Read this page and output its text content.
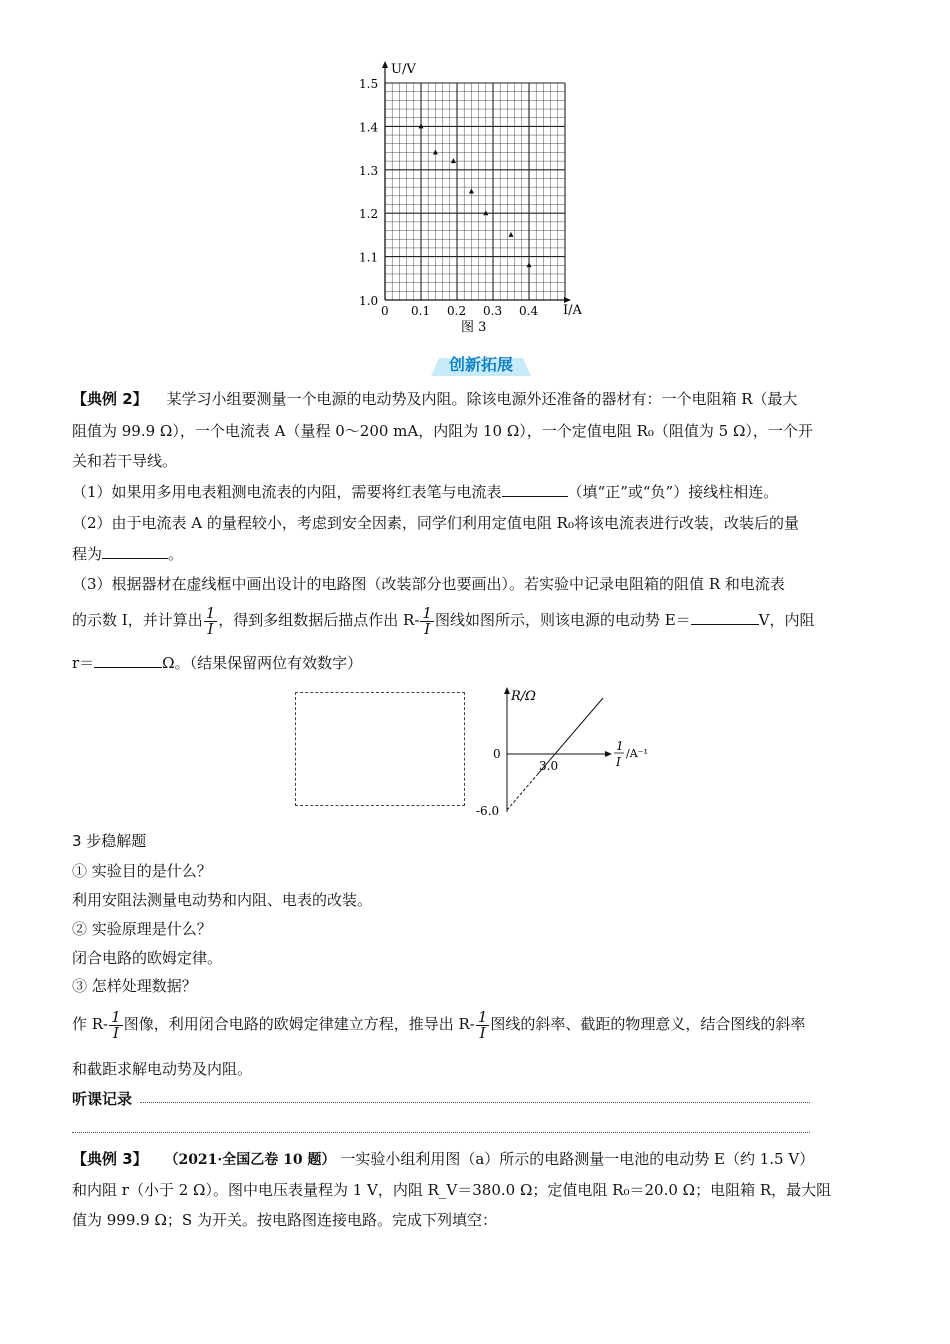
U/V
I/A
1.5
1.4
1.3
1.2
1.1
1.0
0 0.1 0.2 0.3 0.4
图 3
创新拓展
【典例 2】 某学习小组要测量一个电源的电动势及内阻。除该电源外还准备的器材有：一个电阻箱 R（最大
阻值为 99.9 Ω），一个电流表 A（量程 0～200 mA，内阻为 10 Ω），一个定值电阻 R₀（阻值为 5 Ω），一个开
关和若干导线。
（1）如果用多用电表粗测电流表的内阻，需要将红表笔与电流表	（填“正”或“负”）接线柱相连。
（2）由于电流表 A 的量程较小，考虑到安全因素，同学们利用定值电阻 R₀将该电流表进行改装，改装后的量
程为	。
（3）根据器材在虚线框中画出设计的电路图（改装部分也要画出）。若实验中记录电阻箱的阻值 R 和电流表
的示数 I，并计算出 $\frac{1}{I}$ ，得到多组数据后描点作出 $R- \frac{1}{I}$ 图线如图所示，则该电源的电动势 E＝	V，内阻
r＝	Ω。（结果保留两位有效数字）
R/Ω
0
3.0
-6.0
1
I
/A⁻¹
3 步稳解题
① 实验目的是什么？
利用安阻法测量电动势和内阻、电表的改装。
② 实验原理是什么？
闭合电路的欧姆定律。
③ 怎样处理数据？
作 $R- \frac{1}{I}$ 图像，利用闭合电路的欧姆定律建立方程，推导出 $R- \frac{1}{I}$ 图线的斜率、截距的物理意义，结合图线的斜率
和截距求解电动势及内阻。
听课记录
【典例 3】 （2021·全国乙卷 10 题） 一实验小组利用图（a）所示的电路测量一电池的电动势 E（约 1.5 V）
和内阻 r（小于 2 Ω）。图中电压表量程为 1 V，内阻 R_V＝380.0 Ω；定值电阻 R₀＝20.0 Ω；电阻箱 R，最大阻
值为 999.9 Ω；S 为开关。按电路图连接电路。完成下列填空：
